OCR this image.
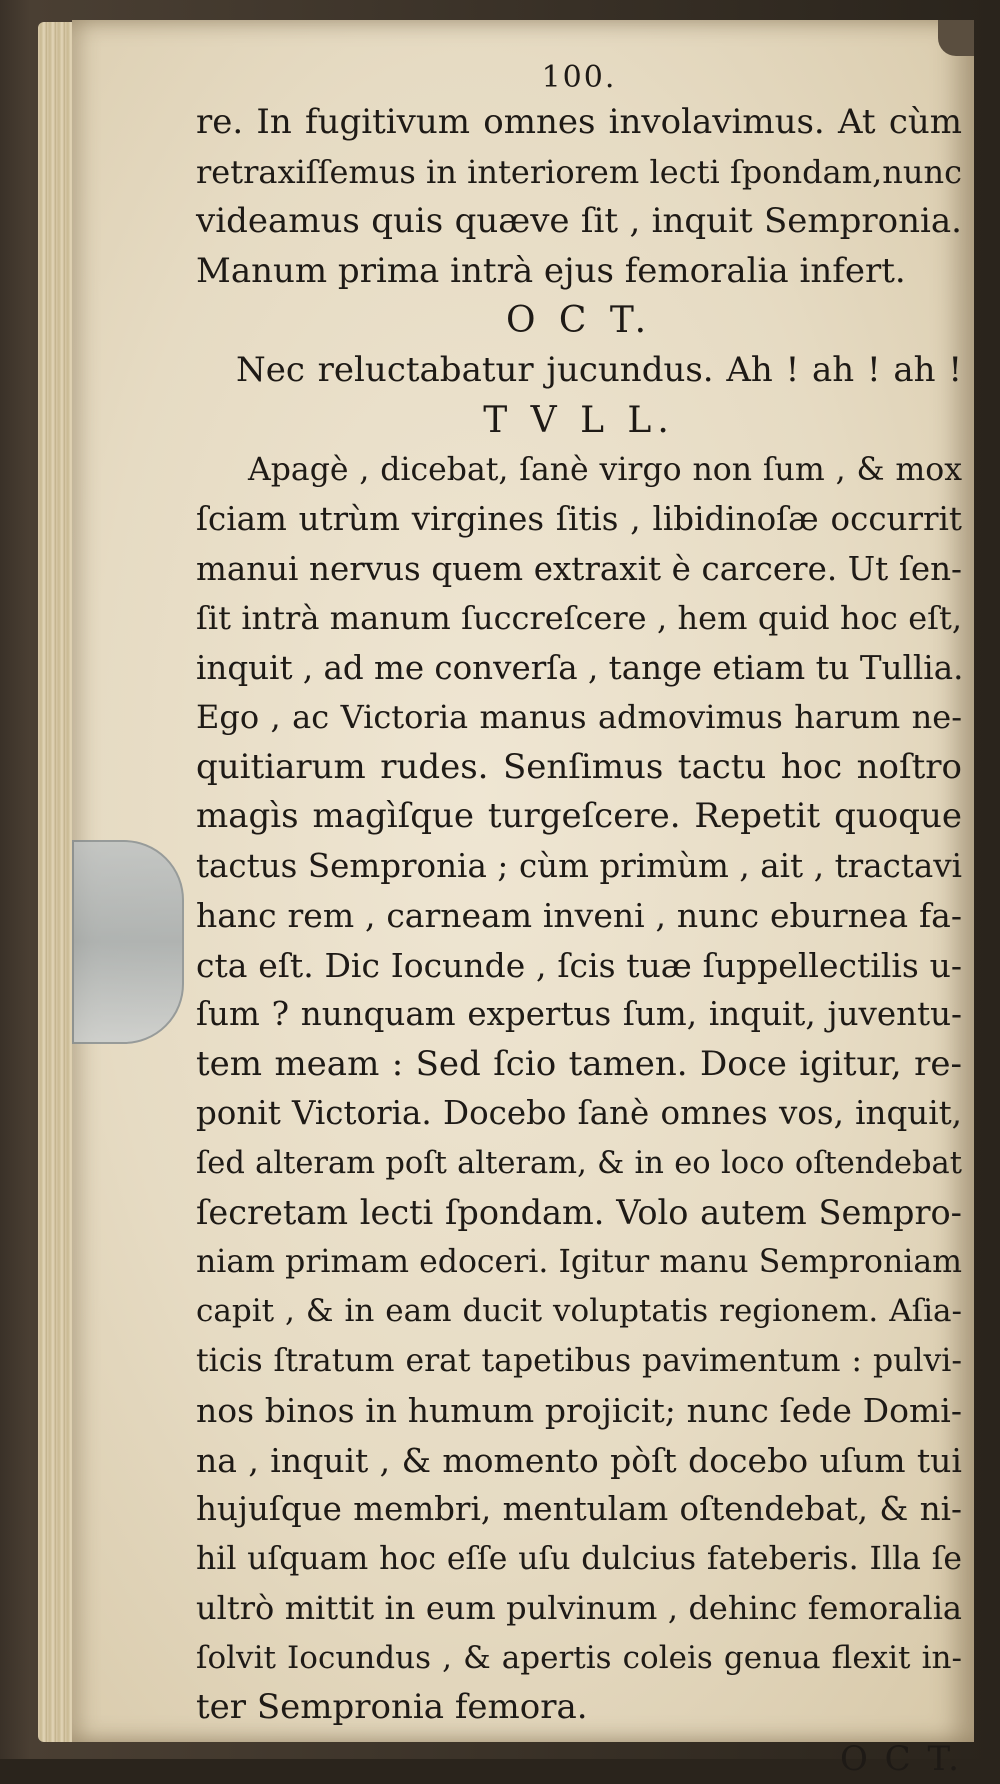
100.
re. In fugitivum omnes involavimus. At cùm
retraxiſſemus in interiorem lecti ſpondam,nunc
videamus quis quæve ſit , inquit Sempronia.
Manum prima intrà ejus femoralia infert.
O C T.
Nec reluctabatur jucundus. Ah ! ah ! ah !
T V L L.
Apagè , dicebat, ſanè virgo non ſum , & mox
ſciam utrùm virgines ſitis , libidinoſæ occurrit
manui nervus quem extraxit è carcere. Ut ſen-
ſit intrà manum ſuccreſcere , hem quid hoc eſt,
inquit , ad me converſa , tange etiam tu Tullia.
Ego , ac Victoria manus admovimus harum ne-
quitiarum rudes. Senſimus tactu hoc noſtro
magìs magìſque turgeſcere. Repetit quoque
tactus Sempronia ; cùm primùm , ait , tractavi
hanc rem , carneam inveni , nunc eburnea fa-
cta eſt. Dic Iocunde , ſcis tuæ ſuppellectilis u-
ſum ? nunquam expertus ſum, inquit, juventu-
tem meam : Sed ſcio tamen. Doce igitur, re-
ponit Victoria. Docebo ſanè omnes vos, inquit,
ſed alteram poſt alteram, & in eo loco oſtendebat
ſecretam lecti ſpondam. Volo autem Sempro-
niam primam edoceri. Igitur manu Semproniam
capit , & in eam ducit voluptatis regionem. Aſia-
ticis ſtratum erat tapetibus pavimentum : pulvi-
nos binos in humum projicit; nunc ſede Domi-
na , inquit , & momento pòſt docebo uſum tui
hujuſque membri, mentulam oſtendebat, & ni-
hil uſquam hoc eſſe uſu dulcius fateberis. Illa ſe
ultrò mittit in eum pulvinum , dehinc femoralia
ſolvit Iocundus , & apertis coleis genua flexit in-
ter Sempronia femora.
O C T.
